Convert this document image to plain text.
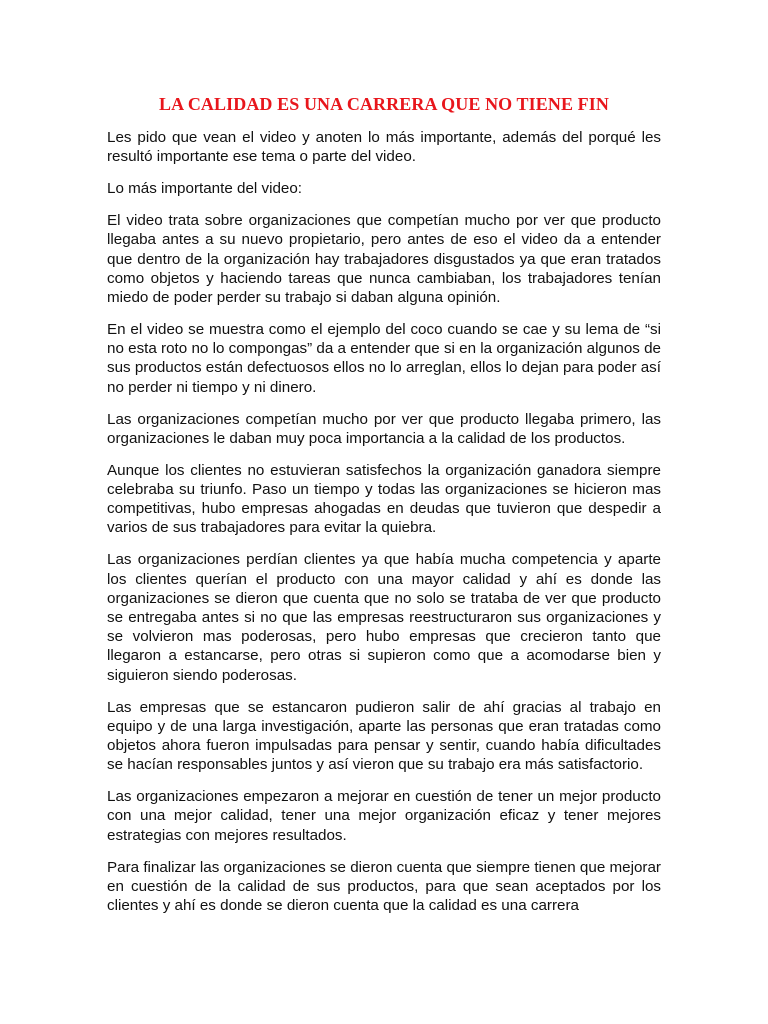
LA CALIDAD ES UNA CARRERA QUE NO TIENE FIN

Les pido que vean el video y anoten lo más importante, además del porqué les resultó importante ese tema o parte del video.

Lo más importante del video:

El video trata sobre organizaciones que competían mucho por ver que producto llegaba antes a su nuevo propietario, pero antes de eso el video da a entender que dentro de la organización hay trabajadores disgustados ya que eran tratados como objetos y haciendo tareas que nunca cambiaban, los trabajadores tenían miedo de poder perder su trabajo si daban alguna opinión.

En el video se muestra como el ejemplo del coco cuando se cae y su lema de “si no esta roto no lo compongas” da a entender que si en la organización algunos de sus productos están defectuosos ellos no lo arreglan, ellos lo dejan para poder así no perder ni tiempo y ni dinero.

Las organizaciones competían mucho por ver que producto llegaba primero, las organizaciones le daban muy poca importancia a la calidad de los productos.

Aunque los clientes no estuvieran satisfechos la organización ganadora siempre celebraba su triunfo. Paso un tiempo y todas las organizaciones se hicieron mas competitivas, hubo empresas ahogadas en deudas que tuvieron que despedir a varios de sus trabajadores para evitar la quiebra.

Las organizaciones perdían clientes ya que había mucha competencia y aparte los clientes querían el producto con una mayor calidad y ahí es donde las organizaciones se dieron que cuenta que no solo se trataba de ver que producto se entregaba antes si no que las empresas reestructuraron sus organizaciones y se volvieron mas poderosas, pero hubo empresas que crecieron tanto que llegaron a estancarse, pero otras si supieron como que a acomodarse bien y siguieron siendo poderosas.

Las empresas que se estancaron pudieron salir de ahí gracias al trabajo en equipo y de una larga investigación, aparte las personas que eran tratadas como objetos ahora fueron impulsadas para pensar y sentir, cuando había dificultades se hacían responsables juntos y así vieron que su trabajo era más satisfactorio.

Las organizaciones empezaron a mejorar en cuestión de tener un mejor producto con una mejor calidad, tener una mejor organización eficaz y tener mejores estrategias con mejores resultados.

Para finalizar las organizaciones se dieron cuenta que siempre tienen que mejorar en cuestión de la calidad de sus productos, para que sean aceptados por los clientes y ahí es donde se dieron cuenta que la calidad es una carrera
